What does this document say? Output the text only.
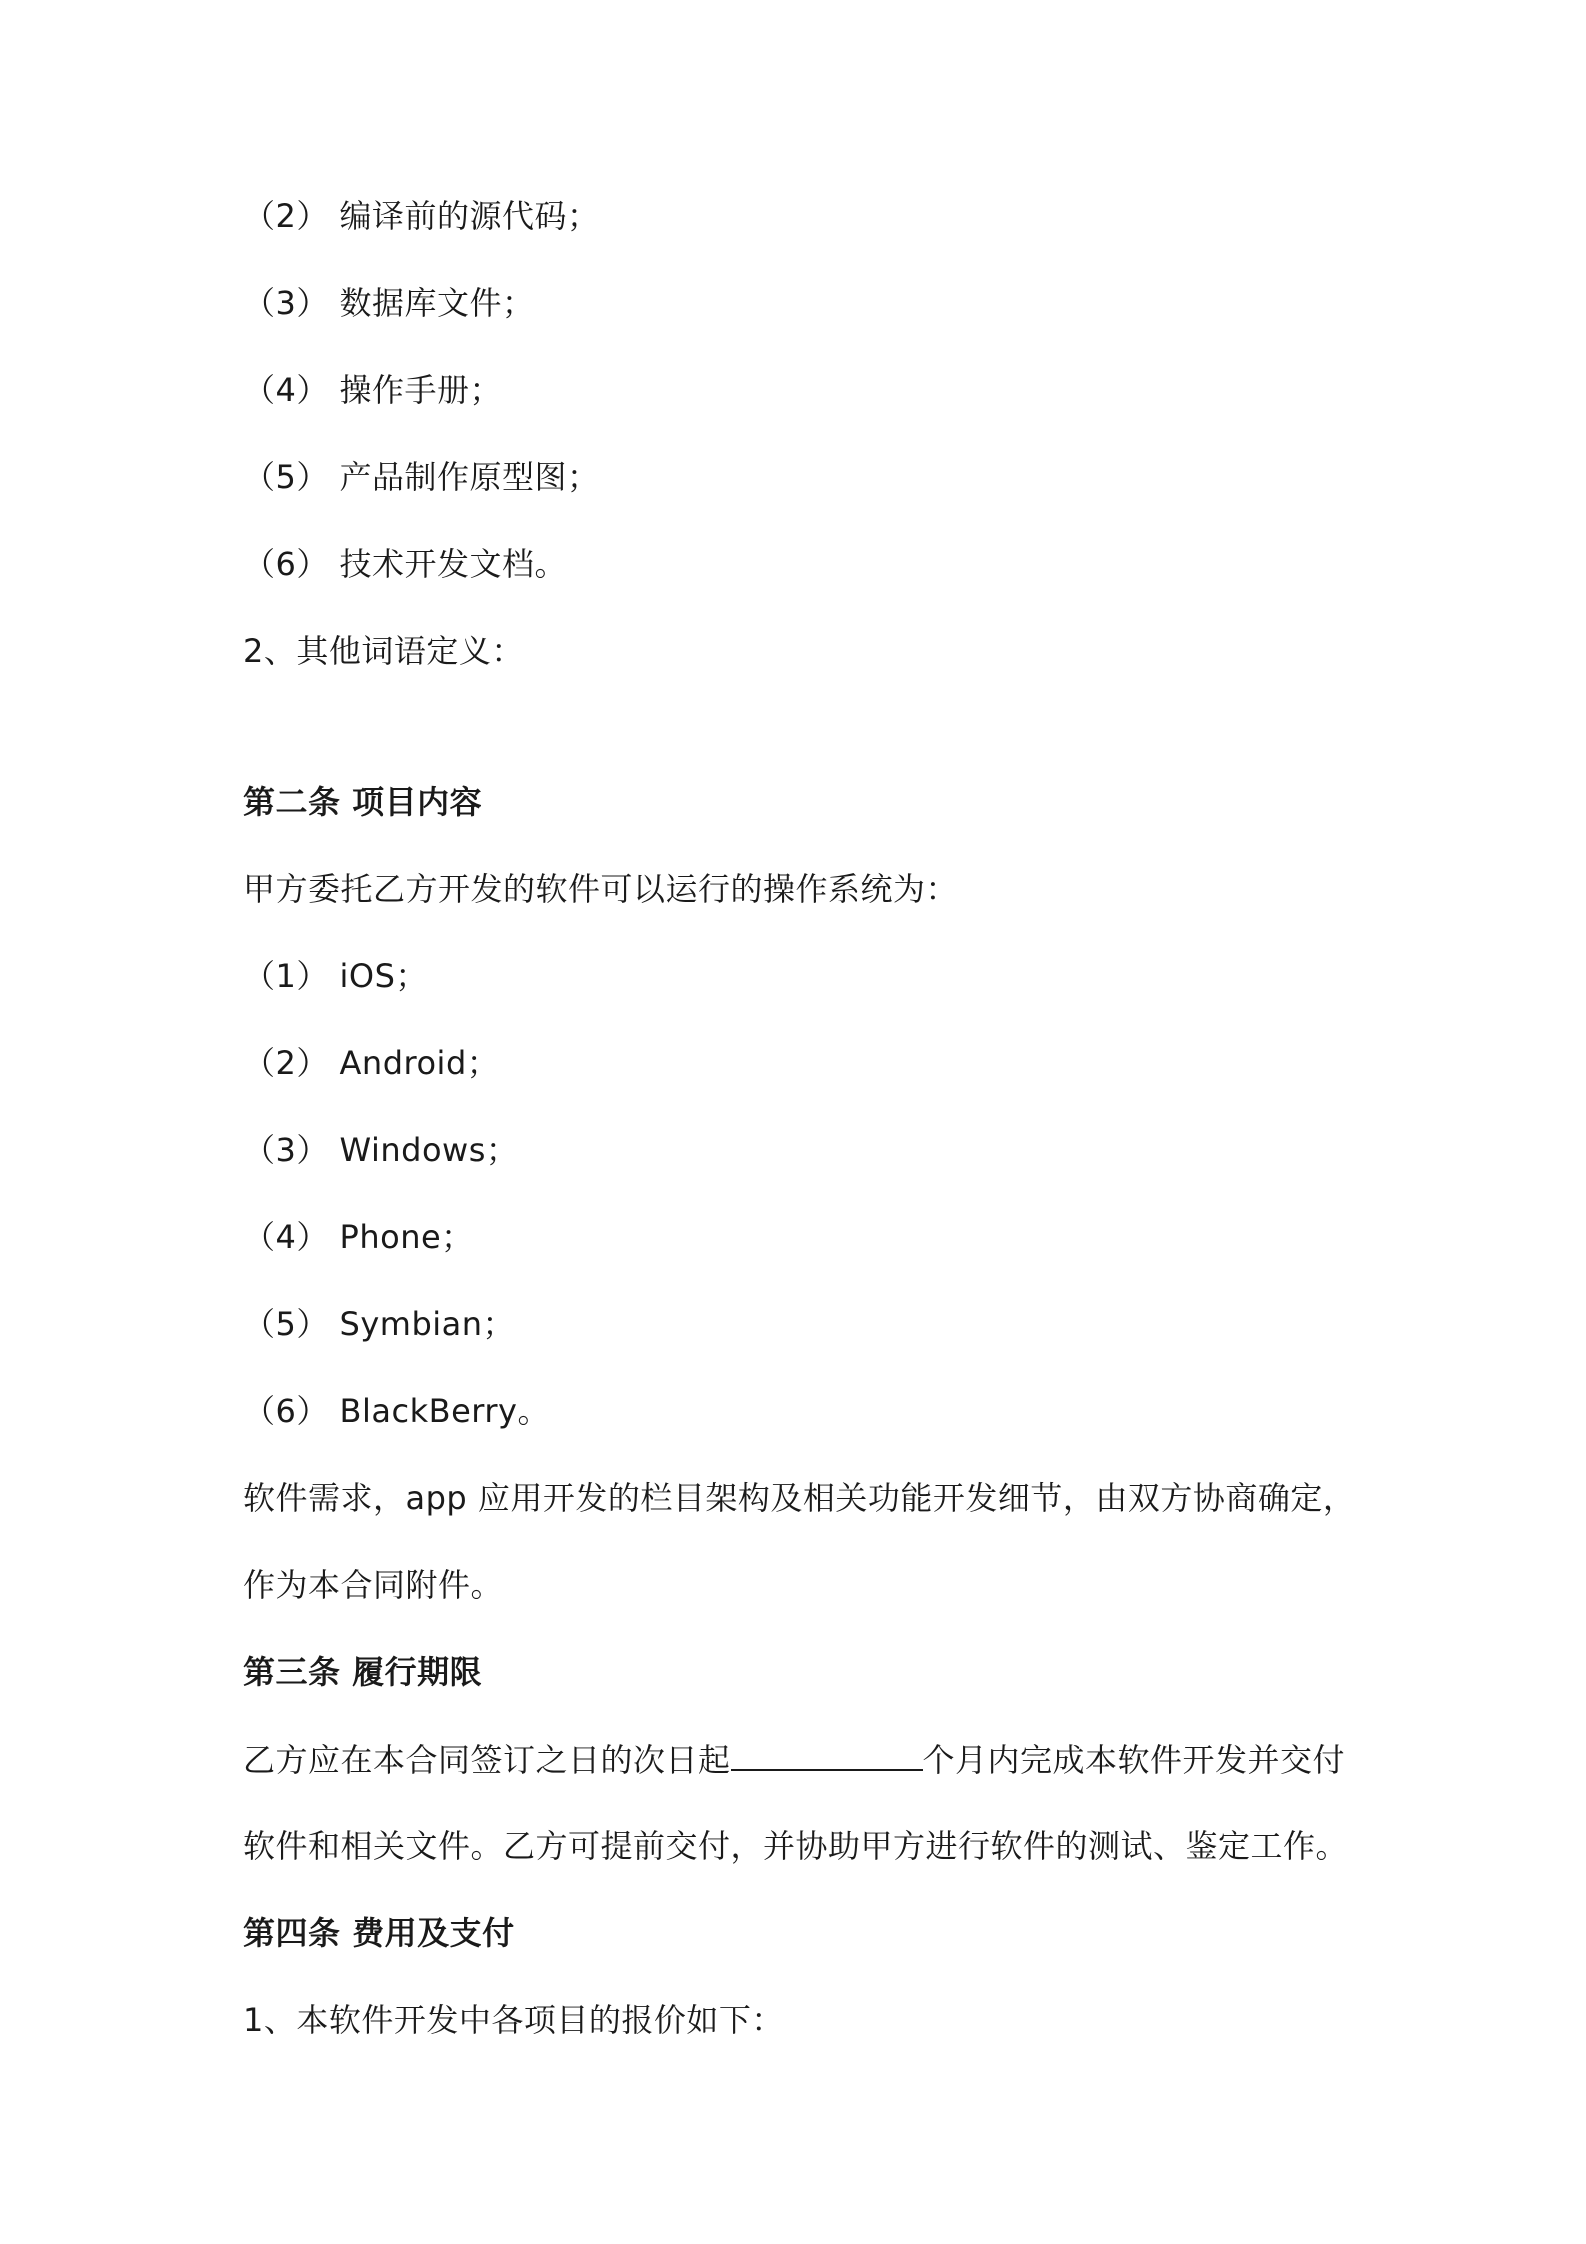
（2） 编译前的源代码；
（3） 数据库文件；
（4） 操作手册；
（5） 产品制作原型图；
（6） 技术开发文档。
2、其他词语定义：
第二条 项目内容
甲方委托乙方开发的软件可以运行的操作系统为：
（1） iOS；
（2） Android；
（3） Windows；
（4） Phone；
（5） Symbian；
（6） BlackBerry。
软件需求，app 应用开发的栏目架构及相关功能开发细节，由双方协商确定，
作为本合同附件。
第三条 履行期限
乙方应在本合同签订之日的次日起	个月内完成本软件开发并交付
软件和相关文件。乙方可提前交付，并协助甲方进行软件的测试、鉴定工作。
第四条 费用及支付
1、本软件开发中各项目的报价如下：
